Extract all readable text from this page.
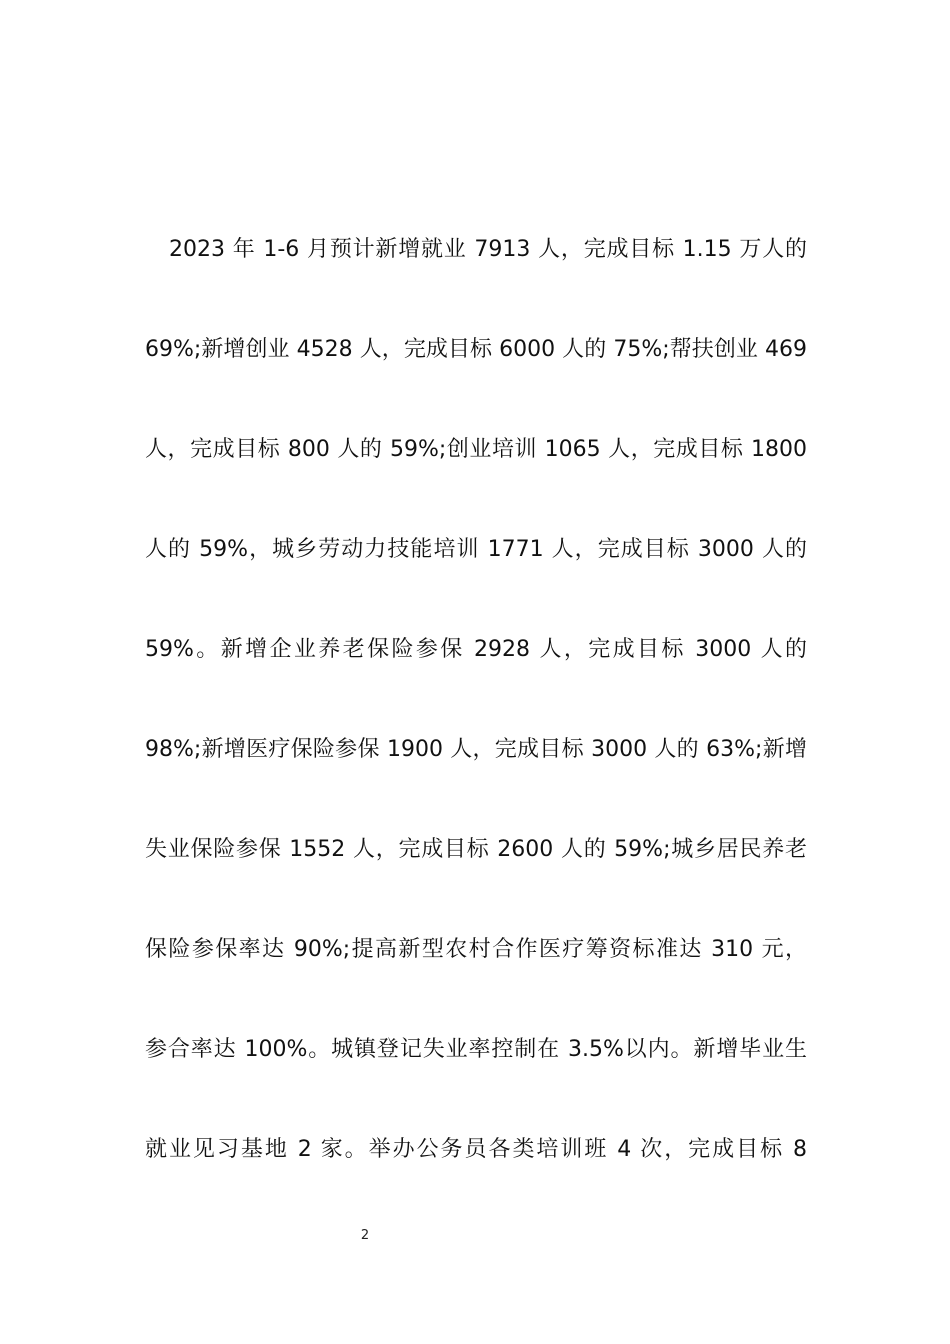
2023 年 1-6 月预计新增就业 7913 人，完成目标 1.15 万人的
69%;新增创业 4528 人，完成目标 6000 人的 75%;帮扶创业 469
人，完成目标 800 人的 59%;创业培训 1065 人，完成目标 1800
人的 59%，城乡劳动力技能培训 1771 人，完成目标 3000 人的
59%。新增企业养老保险参保 2928 人，完成目标 3000 人的
98%;新增医疗保险参保 1900 人，完成目标 3000 人的 63%;新增
失业保险参保 1552 人，完成目标 2600 人的 59%;城乡居民养老
保险参保率达 90%;提高新型农村合作医疗筹资标准达 310 元，
参合率达 100%。城镇登记失业率控制在 3.5%以内。新增毕业生
就业见习基地 2 家。举办公务员各类培训班 4 次，完成目标 8
2
